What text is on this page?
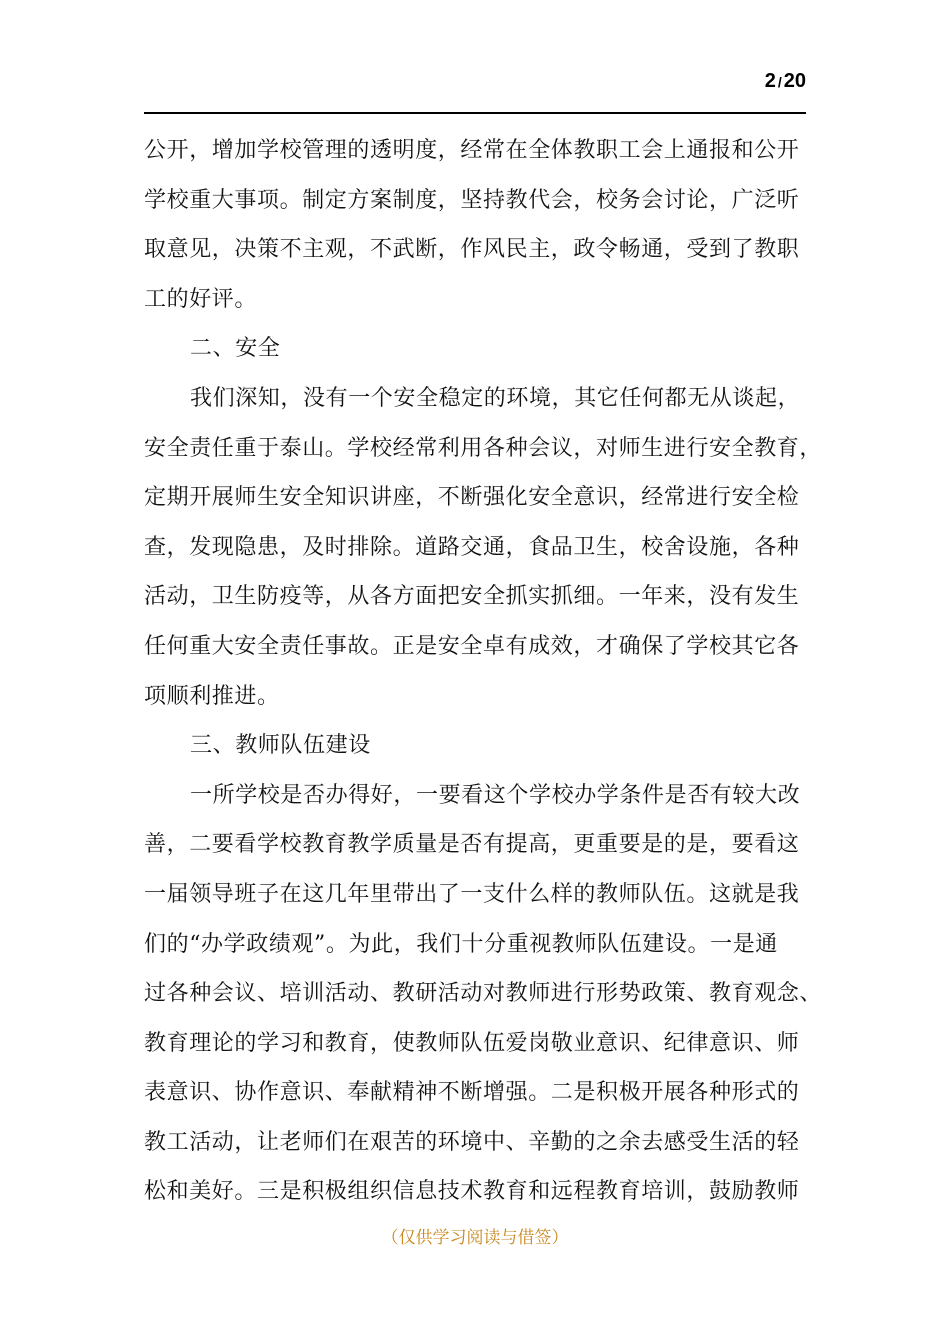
2 / 20
公开，增加学校管理的透明度，经常在全体教职工会上通报和公开
学校重大事项。制定方案制度，坚持教代会，校务会讨论，广泛听
取意见，决策不主观，不武断，作风民主，政令畅通，受到了教职
工的好评。
二、安全
我们深知，没有一个安全稳定的环境，其它任何都无从谈起，
安全责任重于泰山。学校经常利用各种会议，对师生进行安全教育，
定期开展师生安全知识讲座，不断强化安全意识，经常进行安全检
查，发现隐患，及时排除。道路交通，食品卫生，校舍设施，各种
活动，卫生防疫等，从各方面把安全抓实抓细。一年来，没有发生
任何重大安全责任事故。正是安全卓有成效，才确保了学校其它各
项顺利推进。
三、教师队伍建设
一所学校是否办得好，一要看这个学校办学条件是否有较大改
善，二要看学校教育教学质量是否有提高，更重要是的是，要看这
一届领导班子在这几年里带出了一支什么样的教师队伍。这就是我
们的“办学政绩观”。为此，我们十分重视教师队伍建设。一是通
过各种会议、培训活动、教研活动对教师进行形势政策、教育观念、
教育理论的学习和教育，使教师队伍爱岗敬业意识、纪律意识、师
表意识、协作意识、奉献精神不断增强。二是积极开展各种形式的
教工活动，让老师们在艰苦的环境中、辛勤的之余去感受生活的轻
松和美好。三是积极组织信息技术教育和远程教育培训，鼓励教师
（仅供学习阅读与借签）
